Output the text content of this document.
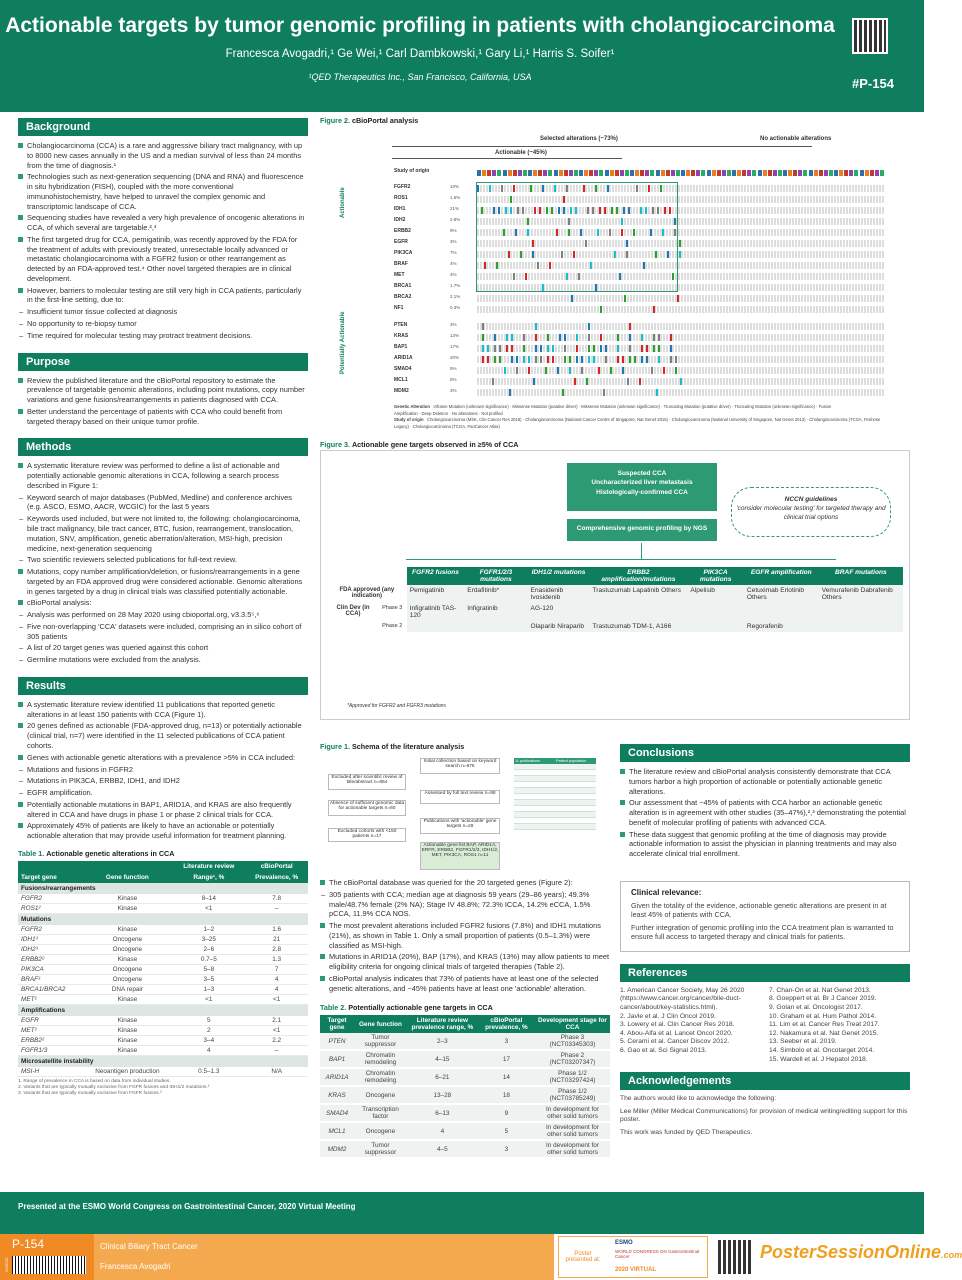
Actionable targets by tumor genomic profiling in patients with cholangiocarcinoma
Francesca Avogadri,¹ Ge Wei,¹ Carl Dambkowski,¹ Gary Li,¹ Harris S. Soifer¹
¹QED Therapeutics Inc., San Francisco, California, USA	#P-154
Background
Cholangiocarcinoma (CCA) is a rare and aggressive biliary tract malignancy, with up to 8000 new cases annually in the US and a median survival of less than 24 months from the time of diagnosis.¹
Technologies such as next-generation sequencing (DNA and RNA) and fluorescence in situ hybridization (FISH), coupled with the more conventional immunohistochemistry, have helped to unravel the complex genomic and transcriptomic landscape of CCA.
Sequencing studies have revealed a very high prevalence of oncogenic alterations in CCA, of which several are targetable.²,³
The first targeted drug for CCA, pemigatinib, was recently approved by the FDA for the treatment of adults with previously treated, unresectable locally advanced or metastatic cholangiocarcinoma with a FGFR2 fusion or other rearrangement as detected by an FDA-approved test.⁴ Other novel targeted therapies are in clinical development.
However, barriers to molecular testing are still very high in CCA patients, particularly in the first-line setting, due to:
– Insufficient tumor tissue collected at diagnosis
– No opportunity to re-biopsy tumor
– Time required for molecular testing may protract treatment decisions.
Purpose
Review the published literature and the cBioPortal repository to estimate the prevalence of targetable genomic alterations, including point mutations, copy number variations and gene fusions/rearrangements in patients diagnosed with CCA.
Better understand the percentage of patients with CCA who could benefit from targeted therapy based on their unique tumor profile.
Methods
A systematic literature review was performed to define a list of actionable and potentially actionable genomic alterations in CCA, following a search process described in Figure 1:
– Keyword search of major databases (PubMed, Medline) and conference archives (e.g. ASCO, ESMO, AACR, WCGIC) for the last 5 years
– Keywords used included, but were not limited to, the following: cholangiocarcinoma, bile tract malignancy, bile tract cancer, BTC, fusion, rearrangement, translocation, mutation, SNV, amplification, genetic aberration/alteration, MSI-high, precision medicine, next-generation sequencing
– Two scientific reviewers selected publications for full-text review.
Mutations, copy number amplification/deletion, or fusions/rearrangements in a gene targeted by an FDA approved drug were considered actionable. Genomic alterations in genes targeted by a drug in clinical trials was classified potentially actionable.
cBioPortal analysis:
– Analysis was performed on 28 May 2020 using cbioportal.org, v3.3.5⁵,⁶
– Five non-overlapping 'CCA' datasets were included, comprising an in silico cohort of 305 patients
– A list of 20 target genes was queried against this cohort
– Germline mutations were excluded from the analysis.
Results
A systematic literature review identified 11 publications that reported genetic alterations in at least 150 patients with CCA (Figure 1).
20 genes defined as actionable (FDA-approved drug, n=13) or potentially actionable (clinical trial, n=7) were identified in the 11 selected publications of CCA patient cohorts.
Genes with actionable genetic alterations with a prevalence >5% in CCA included:
– Mutations and fusions in FGFR2
– Mutations in PIK3CA, ERBB2, IDH1, and IDH2
– EGFR amplification.
Potentially actionable mutations in BAP1, ARID1A, and KRAS are also frequently altered in CCA and have drugs in phase 1 or phase 2 clinical trials for CCA.
Approximately 45% of patients are likely to have an actionable or potentially actionable alteration that may provide useful information for treatment planning.
Table 1. Actionable genetic alterations in CCA
		Literature review	cBioPortal
Target gene	Gene function	Range¹, %	Prevalence, %
Fusions/rearrangements			
FGFR2	Kinase	8–14	7.8
ROS1²	Kinase	<1	–
Mutations			
FGFR2	Kinase	1–2	1.6
IDH1³	Oncogene	3–25	21
IDH2³	Oncogene	2–6	2.8
ERBB2²	Kinase	0.7–5	1.3
PIK3CA	Oncogene	5–8	7
BRAF³	Oncogene	3–5	4
BRCA1/BRCA2	DNA repair	1–3	4
MET²	Kinase	<1	<1
Amplifications			
EGFR	Kinase	5	2.1
MET²	Kinase	2	<1
ERBB2²	Kinase	3–4	2.2
FGFR1/3	Kinase	4	–
Microsatellite instability			
MSI-H	Neoantigen production	0.5–1.3	N/A
1. Range of prevalence in CCA is based on data from individual studies.
2. Variants that are typically mutually exclusive from FGFR fusions and IDH1/2 mutations.³
3. Variants that are typically mutually exclusive from FGFR fusions.³
Figure 2. cBioPortal analysis
Selected alterations (~73%)	No actionable alterations
Actionable (~45%)
Study of origin
FGFR2	10%
ROS1	1.6%
IDH1	21%
IDH2	2.8%
ERBB2	9%
EGFR	3%
PIK3CA	7%
BRAF	4%
MET	4%
BRCA1	1.7%
BRCA2	2.1%
NF1	0.3%
PTEN	3%
KRAS	13%
BAP1	17%
ARID1A	20%
SMAD4	9%
MCL1	5%
MDM2	3%
Actionable
Potentially Actionable
Genetic Alteration Inframe Mutation (unknown significance) · Missense Mutation (putative driver) · Missense Mutation (unknown significance) · Truncating Mutation (putative driver) · Truncating Mutation (unknown significance) · Fusion
Amplification · Deep Deletion · No alterations · Not profiled
Study of origin Cholangiocarcinoma (MSK, Clin Cancer Res 2018) · Cholangiocarcinoma (National Cancer Centre of Singapore, Nat Genet 2015) · Cholangiocarcinoma (National University of Singapore, Nat Genet 2012) · Cholangiocarcinoma (TCGA, Firehose Legacy) · Cholangiocarcinoma (TCGA, PanCancer Atlas)
Figure 3. Actionable gene targets observed in ≥5% of CCA
Suspected CCA
Uncharacterized liver metastasis
Histologically-confirmed CCA
Comprehensive genomic profiling by NGS
NCCN guidelines
'consider molecular testing' for targeted therapy and clinical trial options
		FGFR2 fusions	FGFR1/2/3 mutations	IDH1/2 mutations	ERBB2 amplification/mutations	PIK3CA mutations	EGFR amplification	BRAF mutations
FDA approved (any indication)		Pemigatinib	Erdafitinib*	Enasidenib Ivosidenib	Trastuzumab Lapatinib Others	Alpelisib	Cetuximab Erlotinib Others	Vemurafenib Dabrafenib Others
Clin Dev (in CCA)	Phase 3	Infigratinib TAS-120	Infigratinib	AG-120				
	Phase 2			Olaparib Niraparib	Trastuzumab TDM-1, A166		Regorafenib	
*Approved for FGFR2 and FGFR3 mutations
Figure 1. Schema of the literature analysis
Initial collection based on keyword search n=876
Assessed by full text review n=88
Publications with 'actionable' gene targets n=28
Actionable gene list BAP, ARID1A, ERFR, ERBB2, FGFR1/2/3, IDH1/2, MET, PIK3CA, ROS1 n=11
Excluded after scientific review of title/abstract n=854
Absence of sufficient genomic data for actionable targets n=60
Excluded cohorts with <150 patients n=17
11 publications	Patient population
The cBioPortal database was queried for the 20 targeted genes (Figure 2):
– 305 patients with CCA; median age at diagnosis 59 years (29–86 years); 49.3% male/48.7% female (2% NA); Stage IV 48.8%; 72.3% ICCA, 14.2% eCCA, 1.5% pCCA, 11.9% CCA NOS.
The most prevalent alterations included FGFR2 fusions (7.8%) and IDH1 mutations (21%), as shown in Table 1. Only a small proportion of patients (0.5–1.3%) were classified as MSI-high.
Mutations in ARID1A (20%), BAP (17%), and KRAS (13%) may allow patients to meet eligibility criteria for ongoing clinical trials of targeted therapies (Table 2).
cBioPortal analysis indicates that 73% of patients have at least one of the selected genetic alterations, and ~45% patients have at least one 'actionable' alteration.
Table 2. Potentially actionable gene targets in CCA
Target gene	Gene function	Literature review prevalence range, %	cBioPortal prevalence, %	Development stage for CCA
PTEN	Tumor suppressor	2–3	3	Phase 3 (NCT03345303)
BAP1	Chromatin remodeling	4–15	17	Phase 2 (NCT03207347)
ARID1A	Chromatin remodeling	6–21	14	Phase 1/2 (NCT03297424)
KRAS	Oncogene	13–28	18	Phase 1/2 (NCT03785249)
SMAD4	Transcription factor	6–13	9	In development for other solid tumors
MCL1	Oncogene	4	5	In development for other solid tumors
MDM2	Tumor suppressor	4–5	3	In development for other solid tumors
Conclusions
The literature review and cBioPortal analysis consistently demonstrate that CCA tumors harbor a high proportion of actionable or potentially actionable genetic alterations.
Our assessment that ~45% of patients with CCA harbor an actionable genetic alteration is in agreement with other studies (35–47%),²,³ demonstrating the potential benefit of molecular profiling of patients with advanced CCA.
These data suggest that genomic profiling at the time of diagnosis may provide actionable information to assist the physician in planning treatments and may also accelerate clinical trial enrollment.
Clinical relevance:

Given the totality of the evidence, actionable genetic alterations are present in at least 45% of patients with CCA.

Further integration of genomic profiling into the CCA treatment plan is warranted to ensure full access to targeted therapy and clinical trials for patients.

References
1. American Cancer Society, May 26 2020 (https://www.cancer.org/cancer/bile-duct-cancer/about/key-statistics.html).
2. Javle et al. J Clin Oncol 2019.
3. Lowery et al. Clin Cancer Res 2018.
4. Abou-Alfa et al. Lancet Oncol 2020.
5. Cerami et al. Cancer Discov 2012.
6. Gao et al. Sci Signal 2013.
7. Chan-On et al. Nat Genet 2013.
8. Goeppert et al. Br J Cancer 2019.
9. Golan et al. Oncologist 2017.
10. Graham et al. Hum Pathol 2014.
11. Lim et al. Cancer Res Treat 2017.
12. Nakamura et al. Nat Genet 2015.
13. Seeber et al. 2019.
14. Simbolo et al. Oncotarget 2014.
15. Wardell et al. J Hepatol 2018.
Acknowledgements

The authors would like to acknowledge the following:

Lee Miller (Miller Medical Communications) for provision of medical writing/editing support for this poster.

This work was funded by QED Therapeutics.

Presented at the ESMO World Congress on Gastrointestinal Cancer, 2020 Virtual Meeting
220C0C
P-154	Clinical Biliary Tract Cancer
Francesca Avogadri
Poster presented at:
ESMO
WORLD CONGRESS ON Gastrointestinal Cancer
2020 VIRTUAL
PosterSessionOnline.com
